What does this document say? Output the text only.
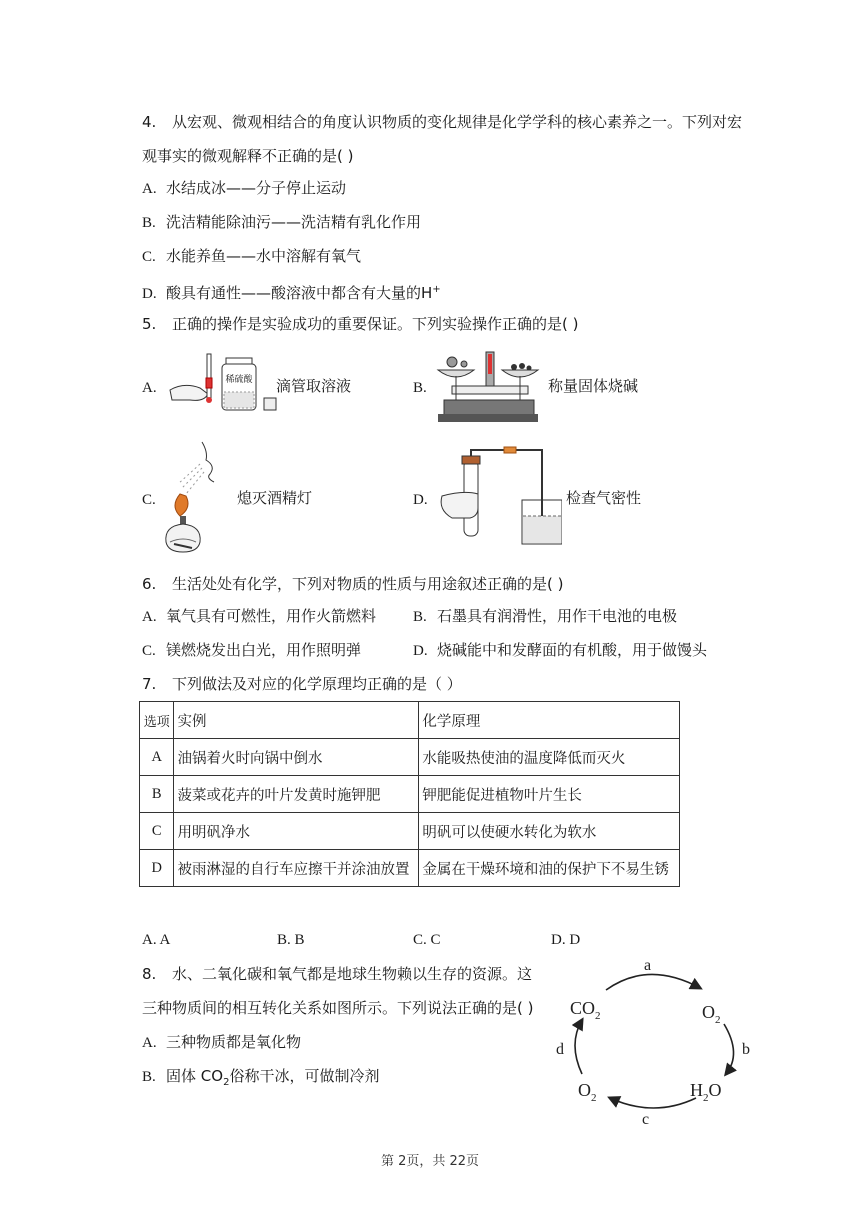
4. 从宏观、微观相结合的角度认识物质的变化规律是化学学科的核心素养之一。下列对宏
观事实的微观解释不正确的是( )
A. 水结成冰——分子停止运动
B. 洗洁精能除油污——洗洁精有乳化作用
C. 水能养鱼——水中溶解有氧气
D. 酸具有通性——酸溶液中都含有大量的H+
5. 正确的操作是实验成功的重要保证。下列实验操作正确的是( )
A.	稀硫酸 滴管取溶液	B.	称量固体烧碱
C.	熄灭酒精灯	D.	检查气密性
6. 生活处处有化学，下列对物质的性质与用途叙述正确的是( )
A. 氧气具有可燃性，用作火箭燃料 B. 石墨具有润滑性，用作干电池的电极
C. 镁燃烧发出白光，用作照明弹	D. 烧碱能中和发酵面的有机酸，用于做馒头
7. 下列做法及对应的化学原理均正确的是（ ）
选项	实例	化学原理
A	油锅着火时向锅中倒水	水能吸热使油的温度降低而灭火
B	菠菜或花卉的叶片发黄时施钾肥	钾肥能促进植物叶片生长
C	用明矾净水	明矾可以使硬水转化为软水
D	被雨淋湿的自行车应擦干并涂油放置	金属在干燥环境和油的保护下不易生锈
A. A	B. B	C. C	D. D
8. 水、二氧化碳和氧气都是地球生物赖以生存的资源。这
三种物质间的相互转化关系如图所示。下列说法正确的是( )
A. 三种物质都是氧化物
B. 固体 $CO_2$俗称干冰，可做制冷剂
a
b
c
d
$CO_2$	$O_2$
$H_2O$
$O_2$
第 2页，共 22页
